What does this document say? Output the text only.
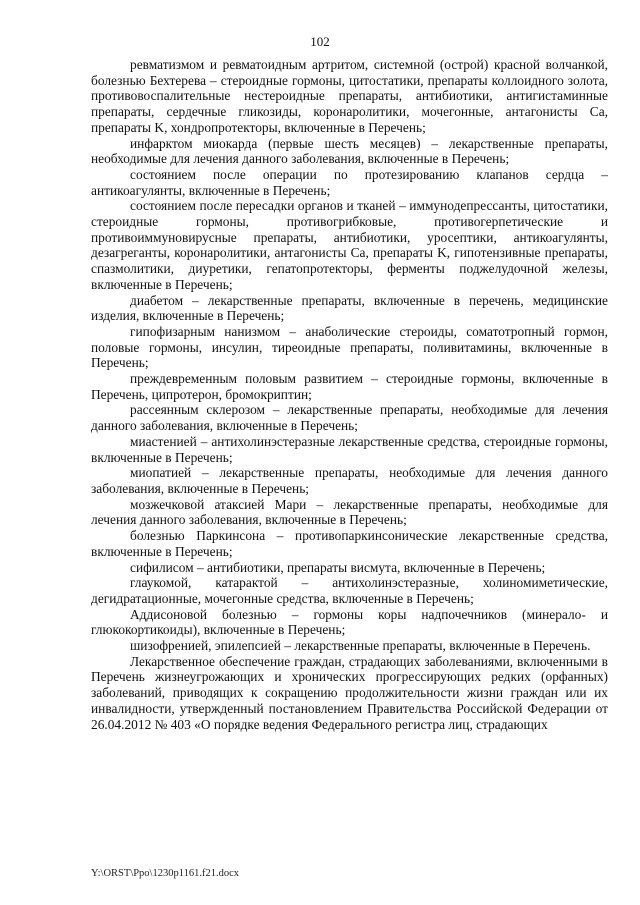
102

ревматизмом и ревматоидным артритом, системной (острой) красной волчанкой, болезнью Бехтерева – стероидные гормоны, цитостатики, препараты коллоидного золота, противовоспалительные нестероидные препараты, антибиотики, антигистаминные препараты, сердечные гликозиды, коронаролитики, мочегонные, антагонисты Ca, препараты K, хондропротекторы, включенные в Перечень;

инфарктом миокарда (первые шесть месяцев) – лекарственные препараты, необходимые для лечения данного заболевания, включенные в Перечень;

состоянием после операции по протезированию клапанов сердца – антикоагулянты, включенные в Перечень;

состоянием после пересадки органов и тканей – иммунодепрессанты, цитостатики, стероидные гормоны, противогрибковые, противогерпетические и противоиммуновирусные препараты, антибиотики, уросептики, антикоагулянты, дезагреганты, коронаролитики, антагонисты Ca, препараты K, гипотензивные препараты, спазмолитики, диуретики, гепатопротекторы, ферменты поджелудочной железы, включенные в Перечень;

диабетом – лекарственные препараты, включенные в перечень, медицинские изделия, включенные в Перечень;

гипофизарным нанизмом – анаболические стероиды, соматотропный гормон, половые гормоны, инсулин, тиреоидные препараты, поливитамины, включенные в Перечень;

преждевременным половым развитием – стероидные гормоны, включенные в Перечень, ципротерон, бромокриптин;

рассеянным склерозом – лекарственные препараты, необходимые для лечения данного заболевания, включенные в Перечень;

миастенией – антихолинэстеразные лекарственные средства, стероидные гормоны, включенные в Перечень;

миопатией – лекарственные препараты, необходимые для лечения данного заболевания, включенные в Перечень;

мозжечковой атаксией Мари – лекарственные препараты, необходимые для лечения данного заболевания, включенные в Перечень;

болезнью Паркинсона – противопаркинсонические лекарственные средства, включенные в Перечень;

сифилисом – антибиотики, препараты висмута, включенные в Перечень;

глаукомой, катарактой – антихолинэстеразные, холиномиметические, дегидратационные, мочегонные средства, включенные в Перечень;

Аддисоновой болезнью – гормоны коры надпочечников (минерало- и глюкокортикоиды), включенные в Перечень;

шизофренией, эпилепсией – лекарственные препараты, включенные в Перечень.

Лекарственное обеспечение граждан, страдающих заболеваниями, включенными в Перечень жизнеугрожающих и хронических прогрессирующих редких (орфанных) заболеваний, приводящих к сокращению продолжительности жизни граждан или их инвалидности, утвержденный постановлением Правительства Российской Федерации от 26.04.2012 № 403 «О порядке ведения Федерального регистра лиц, страдающих

Y:\ORST\Ppo\1230p1161.f21.docx
